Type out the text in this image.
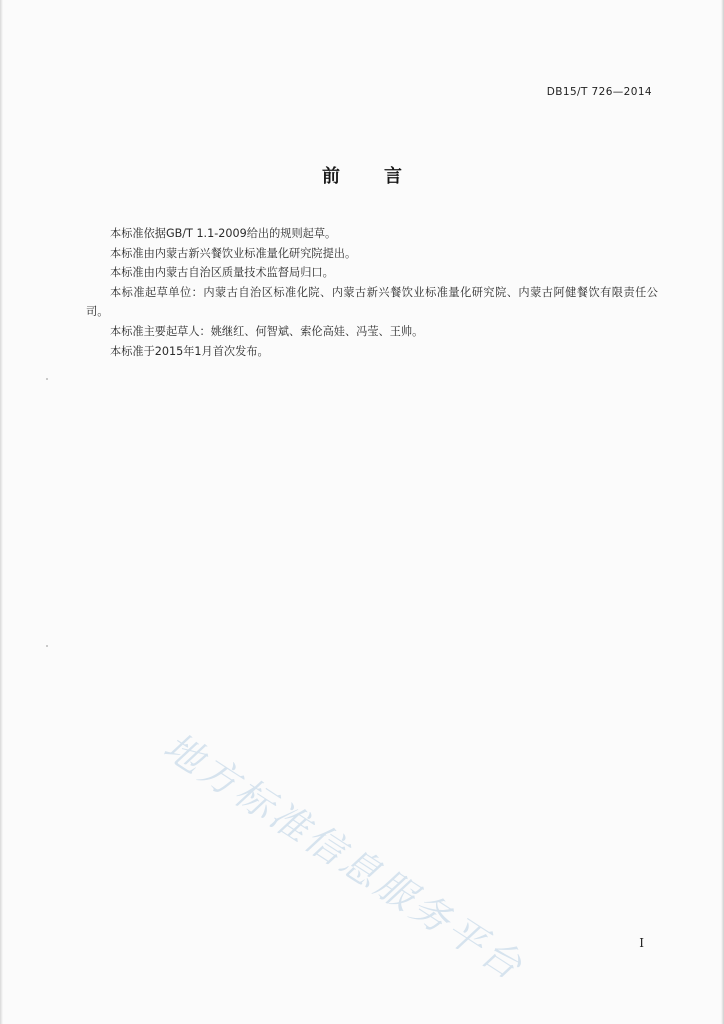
DB15/T 726—2014
前言

本标准依据GB/T 1.1-2009给出的规则起草。

本标准由内蒙古新兴餐饮业标准量化研究院提出。

本标准由内蒙古自治区质量技术监督局归口。

本标准起草单位：内蒙古自治区标准化院、内蒙古新兴餐饮业标准量化研究院、内蒙古阿健餐饮有限责任公司。

本标准主要起草人：姚继红、何智斌、索伦高娃、冯莹、王帅。

本标准于2015年1月首次发布。

地方标准信息服务平台	I
